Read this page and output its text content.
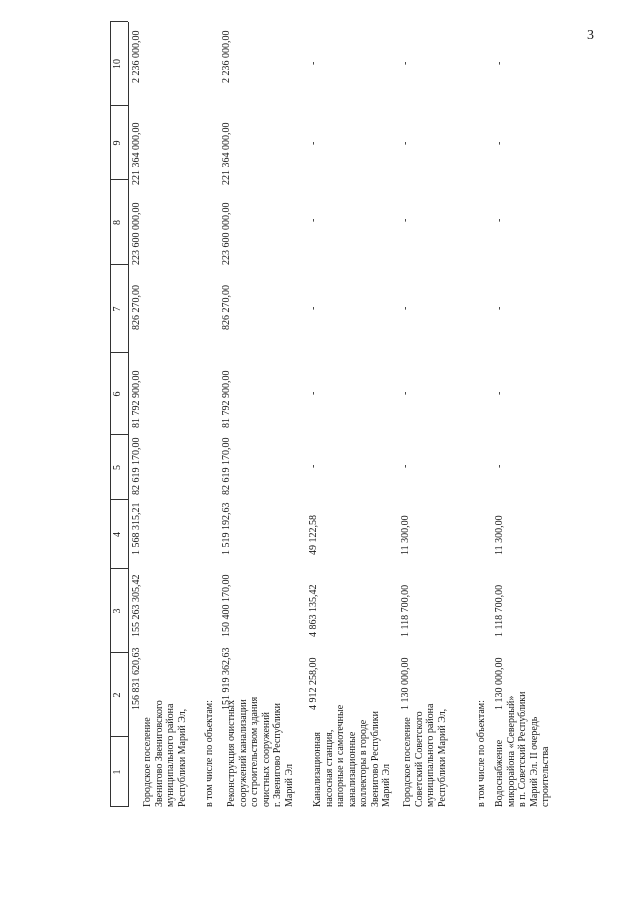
3
1
2
3
4
5
6
7
8
9
10
Городское поселение
Звенигово Звениговского
муниципального района
Республики Марий Эл,
156 831 620,63
155 263 305,42
1 568 315,21
82 619 170,00
81 792 900,00
826 270,00
223 600 000,00
221 364 000,00
2 236 000,00
в том числе по объектам: Реконструкция очистных
сооружений канализации
со строительством здания
очистных сооружений
г. Звенигово Республики
Марий Эл
151 919 362,63
150 400 170,00
1 519 192,63
82 619 170,00
81 792 900,00
826 270,00
223 600 000,00
221 364 000,00
2 236 000,00
Канализационная
насосная станция,
напорные и самотечные
канализационные
коллекторы в городе
Звенигово Республики
Марий Эл
4 912 258,00
4 863 135,42
49 122,58
-
-
-
-
-
-
Городское поселение
Советский Советского
муниципального района
Республики Марий Эл,
1 130 000,00
1 118 700,00
11 300,00
-
-
-
-
-
-
в том числе по объектам: Водоснабжение
микрорайона «Северный»
в п. Советский Республики
Марий Эл. II очередь
строительства
1 130 000,00
1 118 700,00
11 300,00
-
-
-
-
-
-
